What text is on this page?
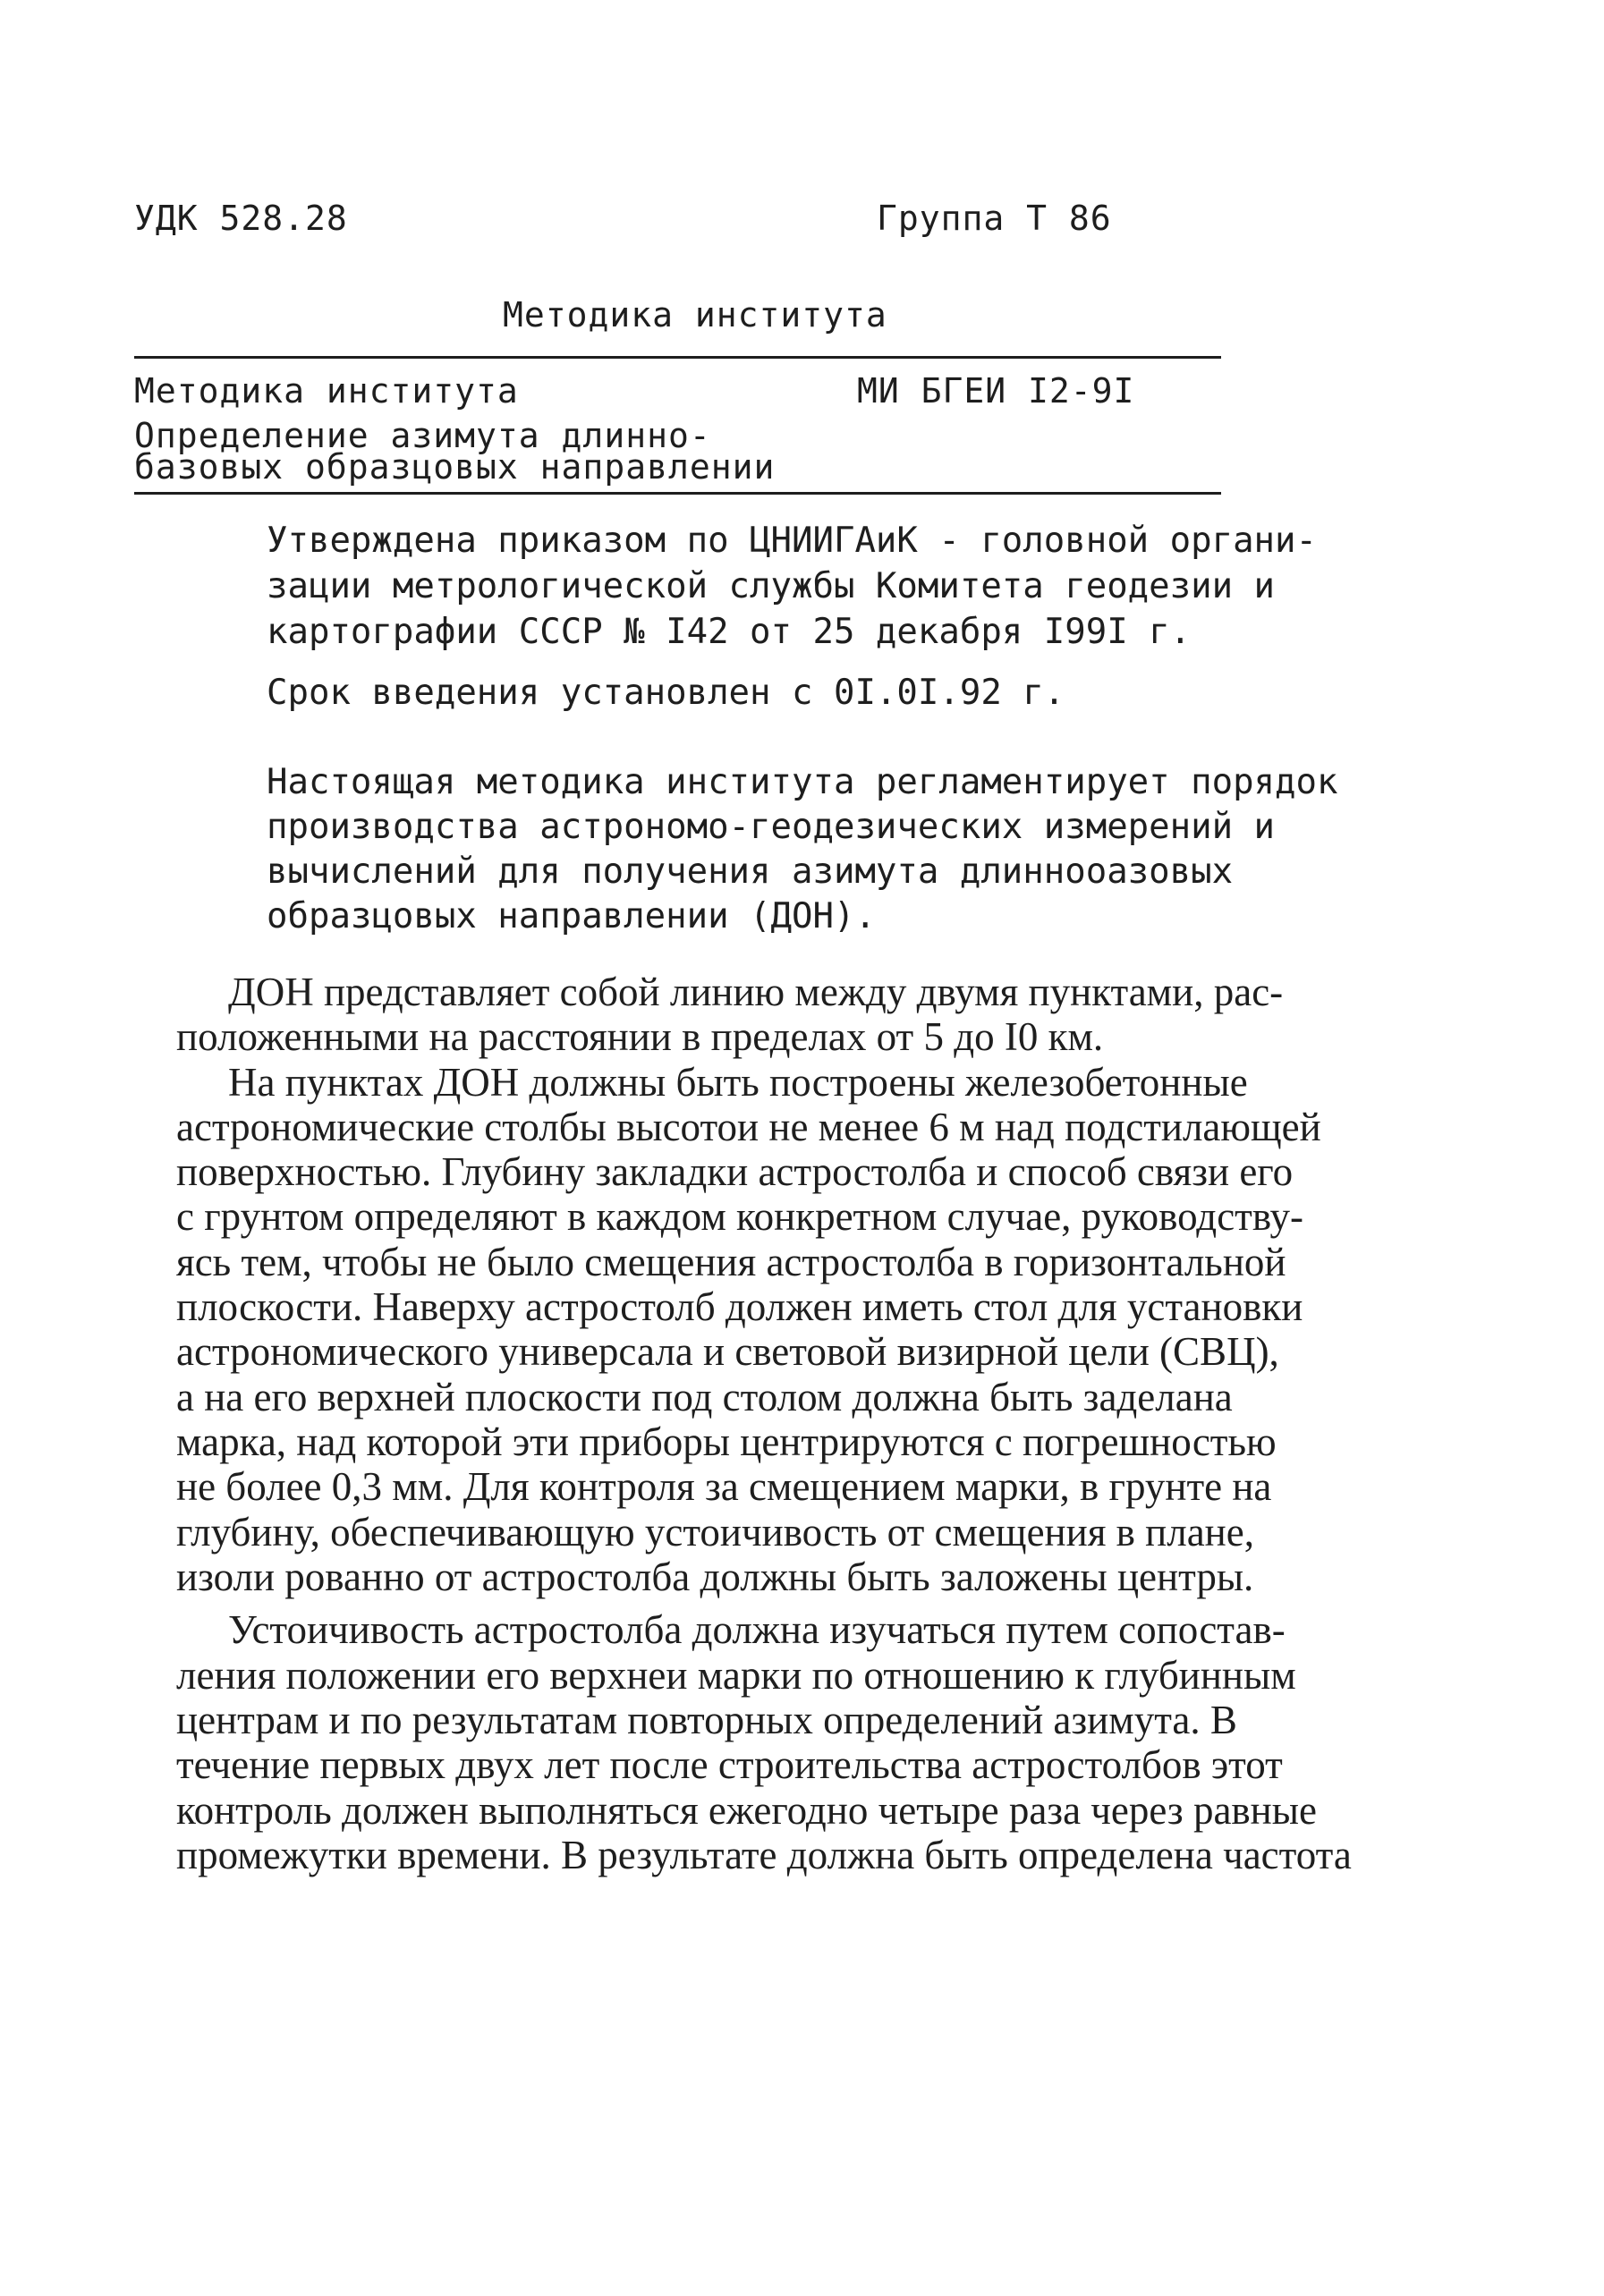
УДК 528.28	Группа Т 86
Методика института
Методика института	МИ БГЕИ I2-9I
Определение азимута длинно-
базовых образцовых направлении
Утверждена приказом по ЦНИИГАиК - головной органи-
зации метрологической службы Комитета геодезии и
картографии СССР № I42 от 25 декабря I99I г.
Срок введения установлен с 0I.0I.92 г.
Настоящая методика института регламентирует порядок
производства астрономо-геодезических измерений и
вычислений для получения азимута длиннооазовых
образцовых направлении (ДОН).
ДОН представляет собой линию между двумя пунктами, рас-
положенными на расстоянии в пределах от 5 до I0 км.
На пунктах ДОН должны быть построены железобетонные
астрономические столбы высотои не менее 6 м над подстилающей
поверхностью. Глубину закладки астростолба и способ связи его
с грунтом определяют в каждом конкретном случае, руководству-
ясь тем, чтобы не было смещения астростолба в горизонтальной
плоскости. Наверху астростолб должен иметь стол для установки
астрономического универсала и световой визирной цели (СВЦ),
а на его верхней плоскости под столом должна быть заделана
марка, над которой эти приборы центрируются с погрешностью
не более 0,3 мм. Для контроля за смещением марки, в грунте на
глубину, обеспечивающую устоичивость от смещения в плане,
изоли рованно от астростолба должны быть заложены центры.
Устоичивость астростолба должна изучаться путем сопостав-
ления положении его верхнеи марки по отношению к глубинным
центрам и по результатам повторных определений азимута. В
течение первых двух лет после строительства астростолбов этот
контроль должен выполняться ежегодно четыре раза через равные
промежутки времени. В результате должна быть определена частота
